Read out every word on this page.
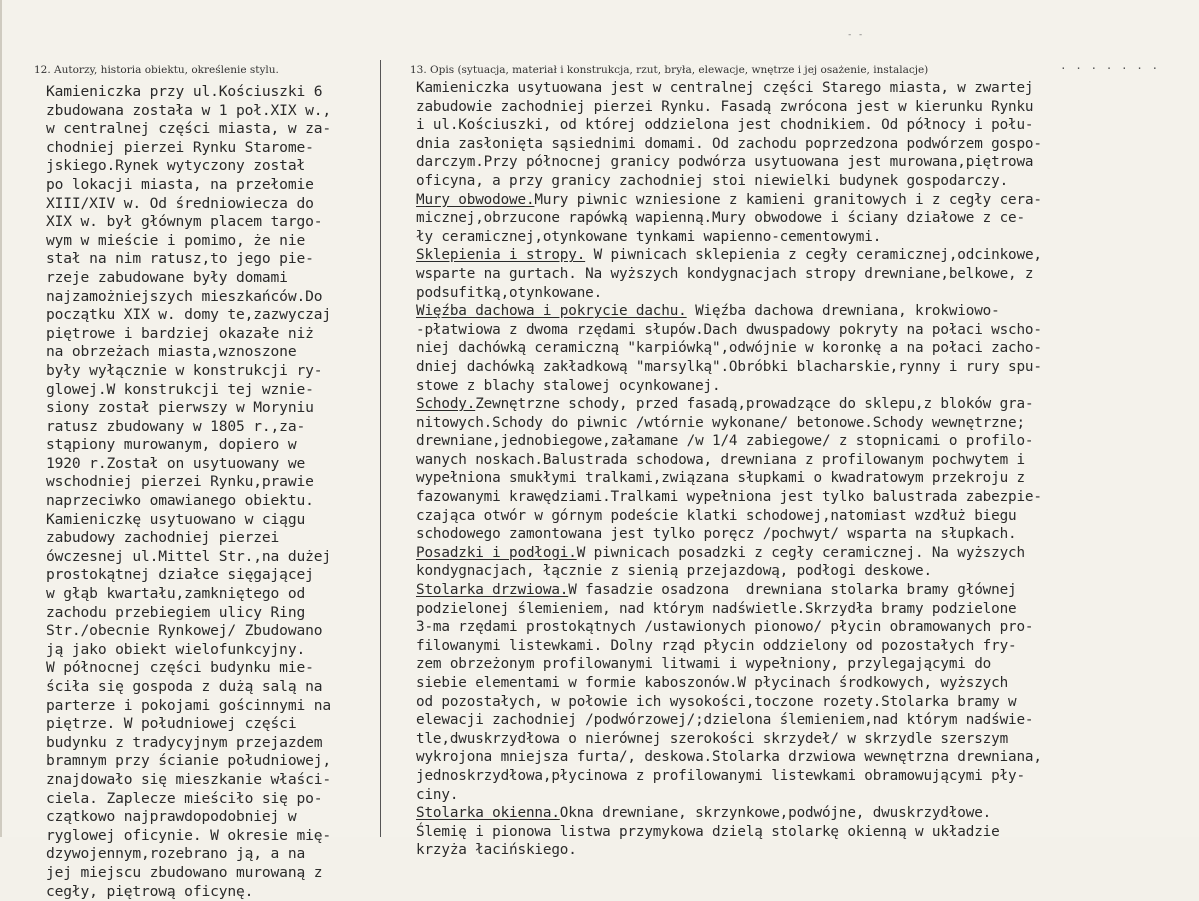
- -
12. Autorzy, historia obiektu, określenie stylu.	13. Opis (sytuacja, materiał i konstrukcja, rzut, bryła, elewacje, wnętrze i jej osażenie, instalacje)	· · · · · · ·
Kamieniczka przy ul.Kościuszki 6
zbudowana została w 1 poł.XIX w.,
w centralnej części miasta, w za-
chodniej pierzei Rynku Starome-
jskiego.Rynek wytyczony został
po lokacji miasta, na przełomie
XIII/XIV w. Od średniowiecza do
XIX w. był głównym placem targo-
wym w mieście i pomimo, że nie
stał na nim ratusz,to jego pie-
rzeje zabudowane były domami
najzamożniejszych mieszkańców.Do
początku XIX w. domy te,zazwyczaj
piętrowe i bardziej okazałe niż
na obrzeżach miasta,wznoszone
były wyłącznie w konstrukcji ry-
glowej.W konstrukcji tej wznie-
siony został pierwszy w Moryniu
ratusz zbudowany w 1805 r.,za-
stąpiony murowanym, dopiero w
1920 r.Został on usytuowany we
wschodniej pierzei Rynku,prawie
naprzeciwko omawianego obiektu.
Kamieniczkę usytuowano w ciągu
zabudowy zachodniej pierzei
ówczesnej ul.Mittel Str.,na dużej
prostokątnej działce sięgającej
w głąb kwartału,zamkniętego od
zachodu przebiegiem ulicy Ring
Str./obecnie Rynkowej/ Zbudowano
ją jako obiekt wielofunkcyjny.
W północnej części budynku mie-
ściła się gospoda z dużą salą na
parterze i pokojami gościnnymi na
piętrze. W południowej części
budynku z tradycyjnym przejazdem
bramnym przy ścianie południowej,
znajdowało się mieszkanie właści-
ciela. Zaplecze mieściło się po-
czątkowo najprawdopodobniej w
ryglowej oficynie. W okresie mię-
dzywojennym,rozebrano ją, a na
jej miejscu zbudowano murowaną z
cegły, piętrową oficynę.
Kamieniczka usytuowana jest w centralnej części Starego miasta, w zwartej
zabudowie zachodniej pierzei Rynku. Fasadą zwrócona jest w kierunku Rynku
i ul.Kościuszki, od której oddzielona jest chodnikiem. Od północy i połu-
dnia zasłonięta sąsiednimi domami. Od zachodu poprzedzona podwórzem gospo-
darczym.Przy północnej granicy podwórza usytuowana jest murowana,piętrowa
oficyna, a przy granicy zachodniej stoi niewielki budynek gospodarczy.
Mury obwodowe.Mury piwnic wzniesione z kamieni granitowych i z cegły cera-
micznej,obrzucone rapówką wapienną.Mury obwodowe i ściany działowe z ce-
ły ceramicznej,otynkowane tynkami wapienno-cementowymi.
Sklepienia i stropy. W piwnicach sklepienia z cegły ceramicznej,odcinkowe,
wsparte na gurtach. Na wyższych kondygnacjach stropy drewniane,belkowe, z
podsufitką,otynkowane.
Więźba dachowa i pokrycie dachu. Więźba dachowa drewniana, krokwiowo-
-płatwiowa z dwoma rzędami słupów.Dach dwuspadowy pokryty na połaci wscho-
niej dachówką ceramiczną "karpiówką",odwójnie w koronkę a na połaci zacho-
dniej dachówką zakładkową "marsylką".Obróbki blacharskie,rynny i rury spu-
stowe z blachy stalowej ocynkowanej.
Schody.Zewnętrzne schody, przed fasadą,prowadzące do sklepu,z bloków gra-
nitowych.Schody do piwnic /wtórnie wykonane/ betonowe.Schody wewnętrzne;
drewniane,jednobiegowe,załamane /w 1/4 zabiegowe/ z stopnicami o profilo-
wanych noskach.Balustrada schodowa, drewniana z profilowanym pochwytem i
wypełniona smukłymi tralkami,związana słupkami o kwadratowym przekroju z
fazowanymi krawędziami.Tralkami wypełniona jest tylko balustrada zabezpie-
czająca otwór w górnym podeście klatki schodowej,natomiast wzdłuż biegu
schodowego zamontowana jest tylko poręcz /pochwyt/ wsparta na słupkach.
Posadzki i podłogi.W piwnicach posadzki z cegły ceramicznej. Na wyższych
kondygnacjach, łącznie z sienią przejazdową, podłogi deskowe.
Stolarka drzwiowa.W fasadzie osadzona  drewniana stolarka bramy głównej
podzielonej ślemieniem, nad którym nadświetle.Skrzydła bramy podzielone
3-ma rzędami prostokątnych /ustawionych pionowo/ płycin obramowanych pro-
filowanymi listewkami. Dolny rząd płycin oddzielony od pozostałych fry-
zem obrzeżonym profilowanymi litwami i wypełniony, przylegającymi do
siebie elementami w formie kaboszonów.W płycinach środkowych, wyższych
od pozostałych, w połowie ich wysokości,toczone rozety.Stolarka bramy w
elewacji zachodniej /podwórzowej/;dzielona ślemieniem,nad którym nadświe-
tle,dwuskrzydłowa o nierównej szerokości skrzydeł/ w skrzydle szerszym
wykrojona mniejsza furta/, deskowa.Stolarka drzwiowa wewnętrzna drewniana,
jednoskrzydłowa,płycinowa z profilowanymi listewkami obramowującymi pły-
ciny.
Stolarka okienna.Okna drewniane, skrzynkowe,podwójne, dwuskrzydłowe.
Ślemię i pionowa listwa przymykowa dzielą stolarkę okienną w układzie
krzyża łacińskiego.
